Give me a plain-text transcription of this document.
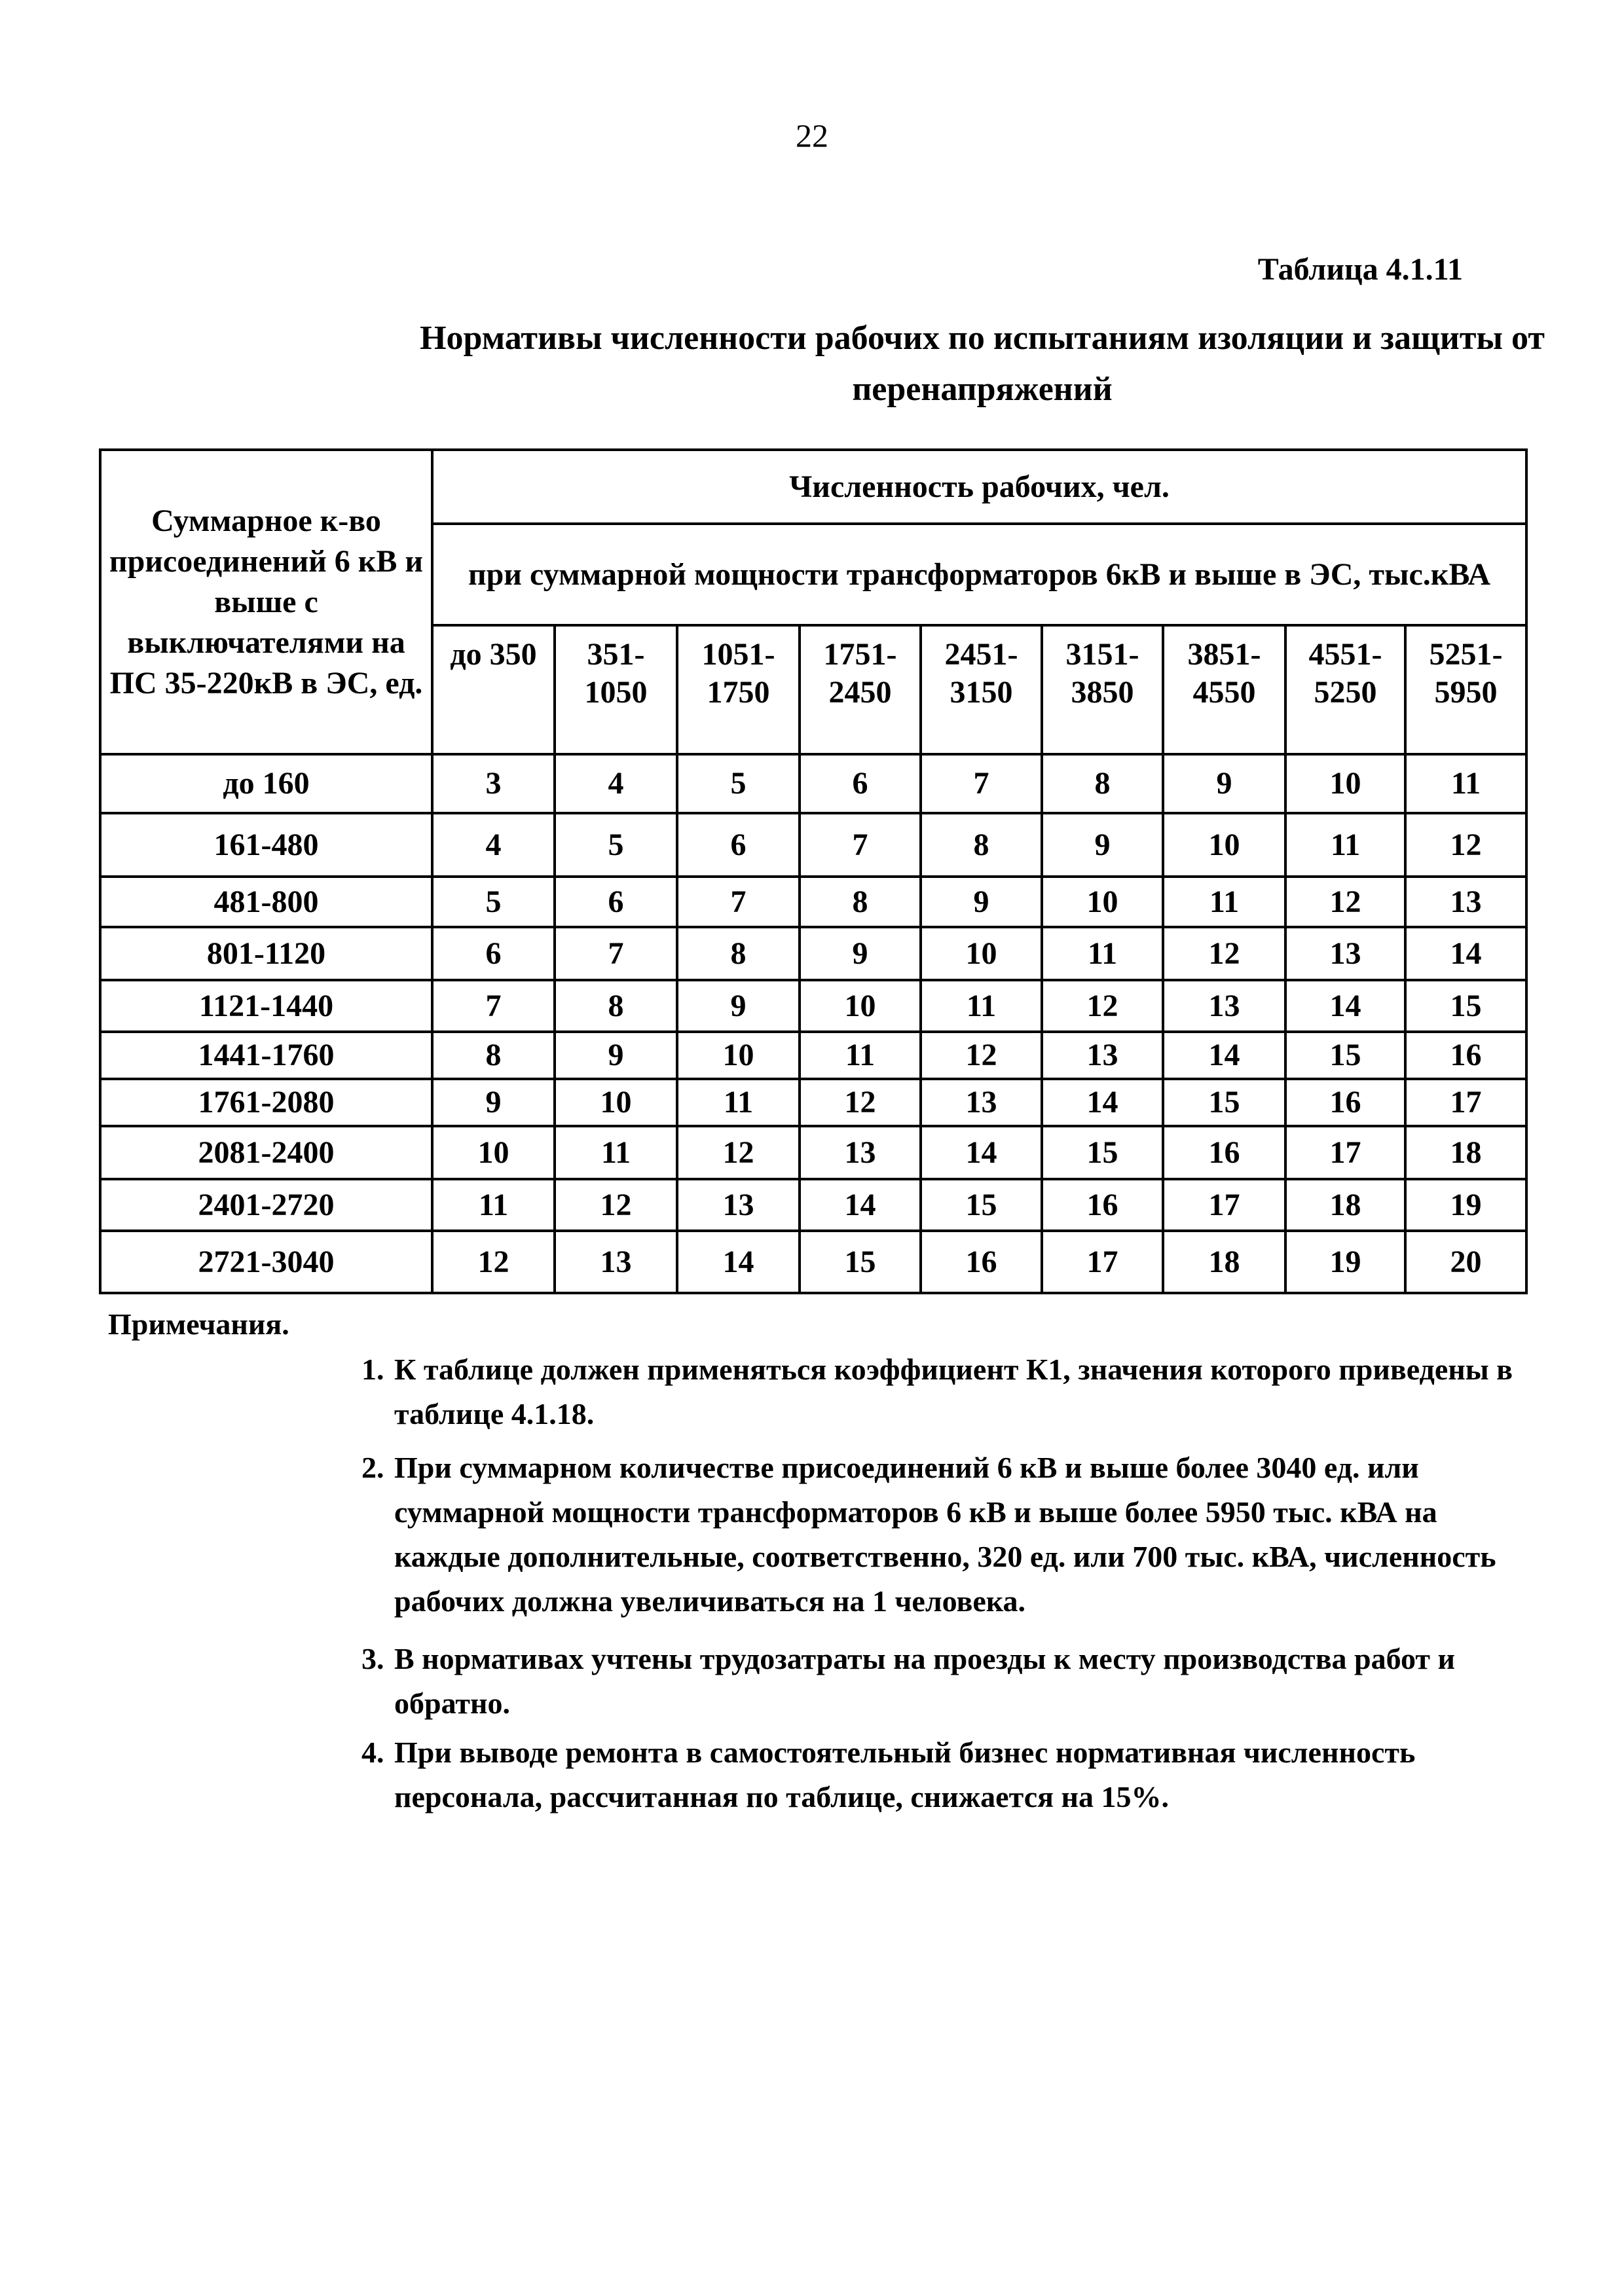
22
Таблица 4.1.11
Нормативы численности рабочих по испытаниям изоляции и защиты от перенапряжений
Суммарное к-во присоединений 6 кВ и выше с выключателями на ПС 35-220кВ в ЭС, ед.	Численность рабочих, чел.								
	при суммарной мощности трансформаторов 6кВ и выше в ЭС, тыс.кВА								
	до 350	351-1050	1051-1750	1751-2450	2451-3150	3151-3850	3851-4550	4551-5250	5251-5950
до 160	3	4	5	6	7	8	9	10	11
161-480	4	5	6	7	8	9	10	11	12
481-800	5	6	7	8	9	10	11	12	13
801-1120	6	7	8	9	10	11	12	13	14
1121-1440	7	8	9	10	11	12	13	14	15
1441-1760	8	9	10	11	12	13	14	15	16
1761-2080	9	10	11	12	13	14	15	16	17
2081-2400	10	11	12	13	14	15	16	17	18
2401-2720	11	12	13	14	15	16	17	18	19
2721-3040	12	13	14	15	16	17	18	19	20
Примечания.
1. К таблице должен применяться коэффициент К1, значения которого приведены в таблице 4.1.18.
2. При суммарном количестве присоединений 6 кВ и выше более 3040 ед. или суммарной мощности трансформаторов 6 кВ и выше более 5950 тыс. кВА на каждые дополнительные, соответственно, 320 ед. или 700 тыс. кВА, численность рабочих должна увеличиваться на 1 человека.
3. В нормативах учтены трудозатраты на проезды к месту производства работ и обратно.
4. При выводе ремонта в самостоятельный бизнес нормативная численность персонала, рассчитанная по таблице, снижается на 15%.
